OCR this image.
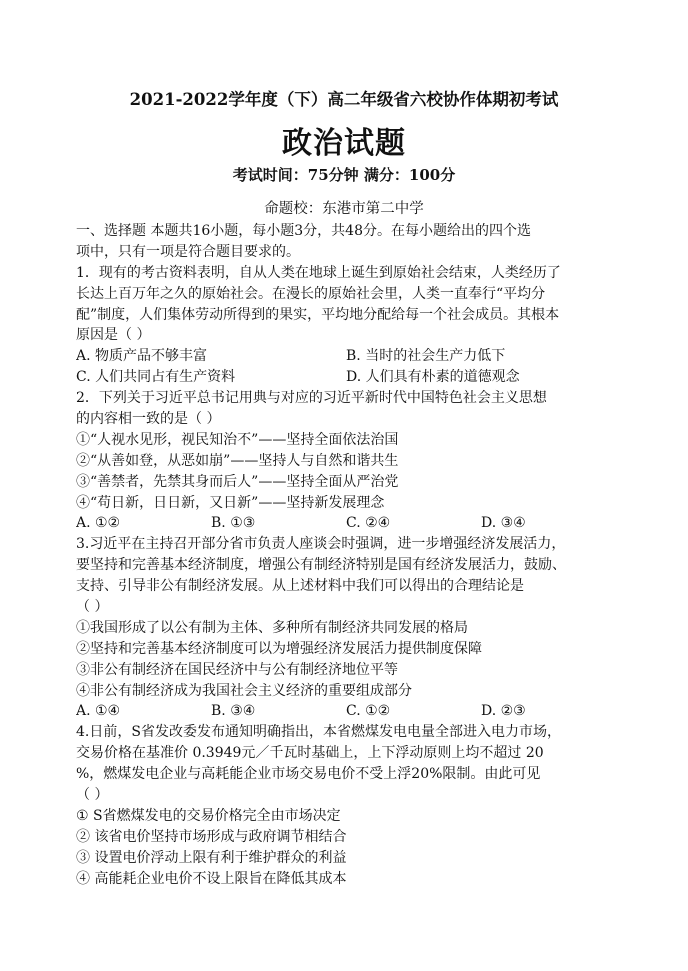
2021-2022学年度（下）高二年级省六校协作体期初考试
政治试题
考试时间：75分钟 满分：100分
命题校：东港市第二中学
一、选择题 本题共16小题，每小题3分，共48分。在每小题给出的四个选
项中，只有一项是符合题目要求的。
1．现有的考古资料表明，自从人类在地球上诞生到原始社会结束，人类经历了
长达上百万年之久的原始社会。在漫长的原始社会里，人类一直奉行“平均分
配”制度，人们集体劳动所得到的果实，平均地分配给每一个社会成员。其根本
原因是（ ）
A. 物质产品不够丰富	B. 当时的社会生产力低下
C. 人们共同占有生产资料	D. 人们具有朴素的道德观念
2．下列关于习近平总书记用典与对应的习近平新时代中国特色社会主义思想
的内容相一致的是（ ）
①“人视水见形，视民知治不”——坚持全面依法治国
②“从善如登，从恶如崩”——坚持人与自然和谐共生
③“善禁者，先禁其身而后人”——坚持全面从严治党
④“苟日新，日日新，又日新”——坚持新发展理念
A. ①②	B. ①③	C. ②④	D. ③④
3.习近平在主持召开部分省市负责人座谈会时强调，进一步增强经济发展活力，
要坚持和完善基本经济制度，增强公有制经济特别是国有经济发展活力，鼓励、
支持、引导非公有制经济发展。从上述材料中我们可以得出的合理结论是
（ ）
①我国形成了以公有制为主体、多种所有制经济共同发展的格局
②坚持和完善基本经济制度可以为增强经济发展活力提供制度保障
③非公有制经济在国民经济中与公有制经济地位平等
④非公有制经济成为我国社会主义经济的重要组成部分
A. ①④	B. ③④	C. ①②	D. ②③
4.日前，S省发改委发布通知明确指出，本省燃煤发电电量全部进入电力市场，
交易价格在基准价 0.3949元／千瓦时基础上，上下浮动原则上均不超过 20
%，燃煤发电企业与高耗能企业市场交易电价不受上浮20%限制。由此可见
（ ）
① S省燃煤发电的交易价格完全由市场决定
② 该省电价坚持市场形成与政府调节相结合
③ 设置电价浮动上限有利于维护群众的利益
④ 高能耗企业电价不设上限旨在降低其成本
